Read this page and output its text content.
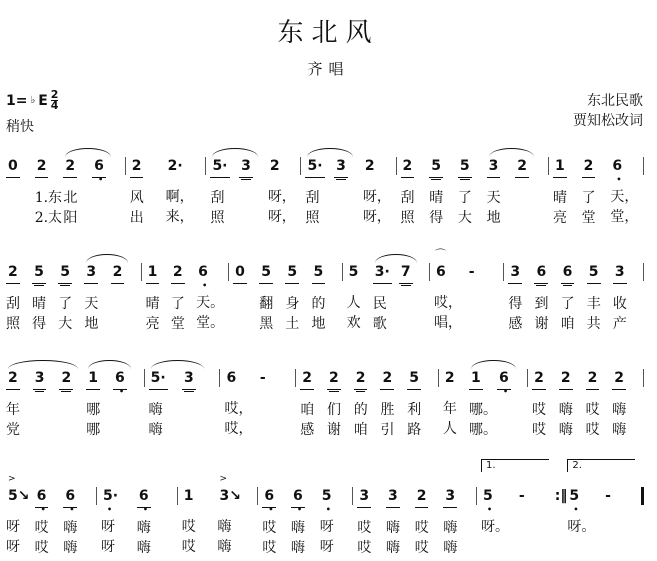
东北风
齐唱
1= ♭ E $\frac{2}{4}$
稍快
东北民歌
贾知松改词
0 2
1.东
2.太
2
北
阳
6
•
2
风
出
2·
啊，
来，
5·
刮
照
3 2
呀，
呀，
5·
刮
照
3 2
呀，
呀，
2
刮
照
5
晴
得
5
了
大
3
天
地
2 1
晴
亮
2
了
堂
6
•
天，
堂，
2
刮
照
5
晴
得
5
了
大
3
天
地
2 1
晴
亮
2
了
堂
6
•
天。
堂。
0 5
翻
黑
5
身
土
5
的
地
5
人
欢
3·
民
歌
7 6
⌒
哎，
唱，
-	3
得
感
6
到
谢
6
了
咱
5
丰
共
3
收
产
2
年
党
3 2 1
哪
哪
6
•
5·
嗨
嗨
3 6
哎，
哎，
-	2
咱
感
2
们
谢
2
的
咱
2
胜
引
5
利
路
2
年
人
1
哪。
哪。
6
•
2
哎
哎
2
嗨
嗨
2
哎
哎
2
嗨
嗨
5↘
>
呀
呀
6
•
哎
哎
6
•
嗨
嗨
5·
•
呀
呀
6
•
嗨
嗨
1
哎
哎
3↘
>
嗨
嗨
6
•
哎
哎
6
•
嗨
嗨
5
•
呀
呀
3
哎
哎
3
嗨
嗨
2
哎
哎
3
嗨
嗨
1.
5
•
呀。
- :‖
2.
5
•
呀。
-
